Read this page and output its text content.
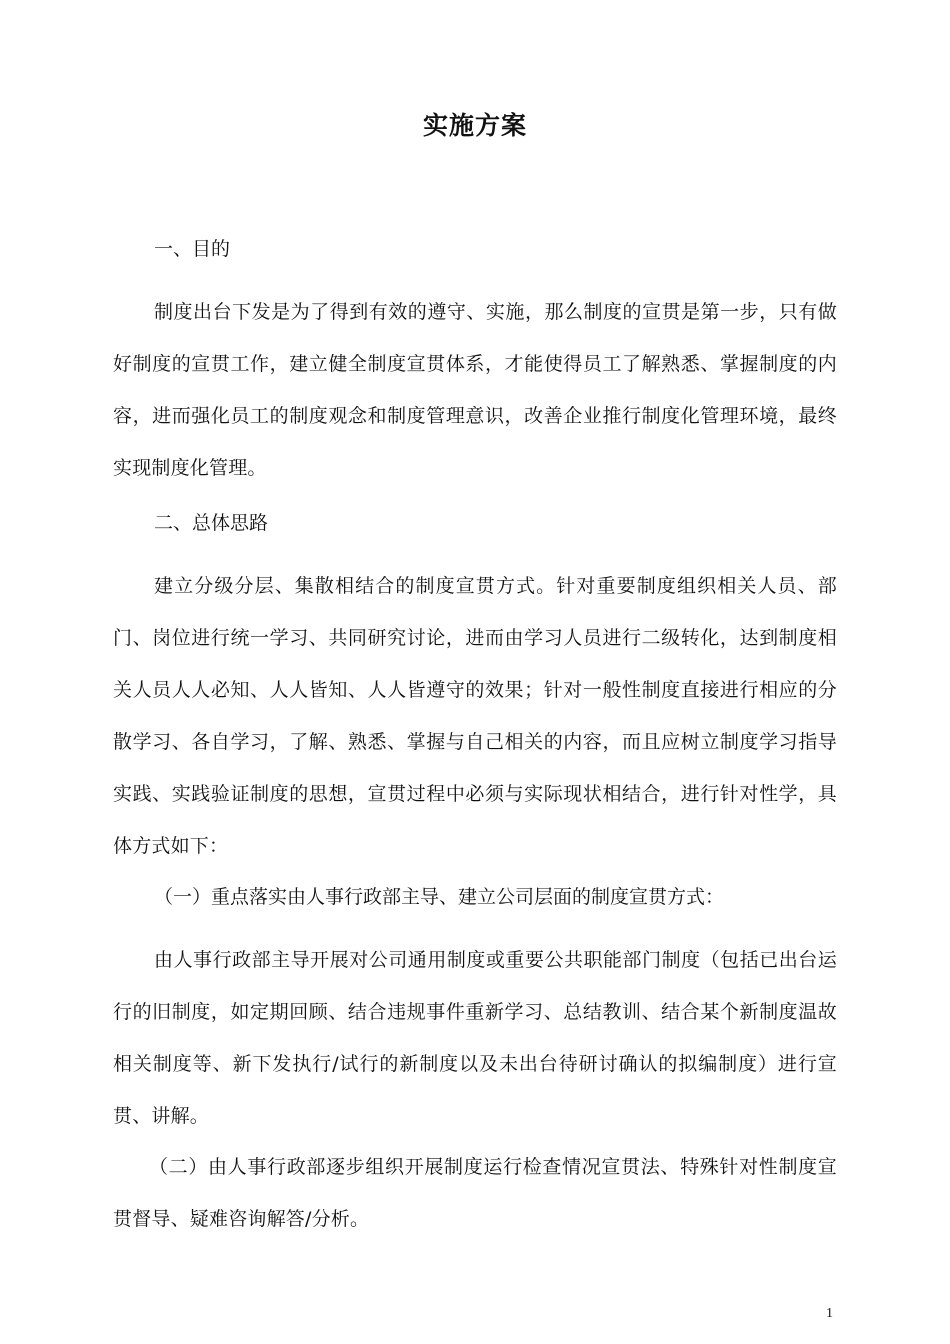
实施方案

一、目的

制度出台下发是为了得到有效的遵守、实施，那么制度的宣贯是第一步，只有做好制度的宣贯工作，建立健全制度宣贯体系，才能使得员工了解熟悉、掌握制度的内容，进而强化员工的制度观念和制度管理意识，改善企业推行制度化管理环境，最终实现制度化管理。

二、总体思路

建立分级分层、集散相结合的制度宣贯方式。针对重要制度组织相关人员、部门、岗位进行统一学习、共同研究讨论，进而由学习人员进行二级转化，达到制度相关人员人人必知、人人皆知、人人皆遵守的效果；针对一般性制度直接进行相应的分散学习、各自学习，了解、熟悉、掌握与自己相关的内容，而且应树立制度学习指导实践、实践验证制度的思想，宣贯过程中必须与实际现状相结合，进行针对性学，具体方式如下：

（一）重点落实由人事行政部主导、建立公司层面的制度宣贯方式：

由人事行政部主导开展对公司通用制度或重要公共职能部门制度（包括已出台运行的旧制度，如定期回顾、结合违规事件重新学习、总结教训、结合某个新制度温故相关制度等、新下发执行/试行的新制度以及未出台待研讨确认的拟编制度）进行宣贯、讲解。

（二）由人事行政部逐步组织开展制度运行检查情况宣贯法、特殊针对性制度宣贯督导、疑难咨询解答/分析。

1
